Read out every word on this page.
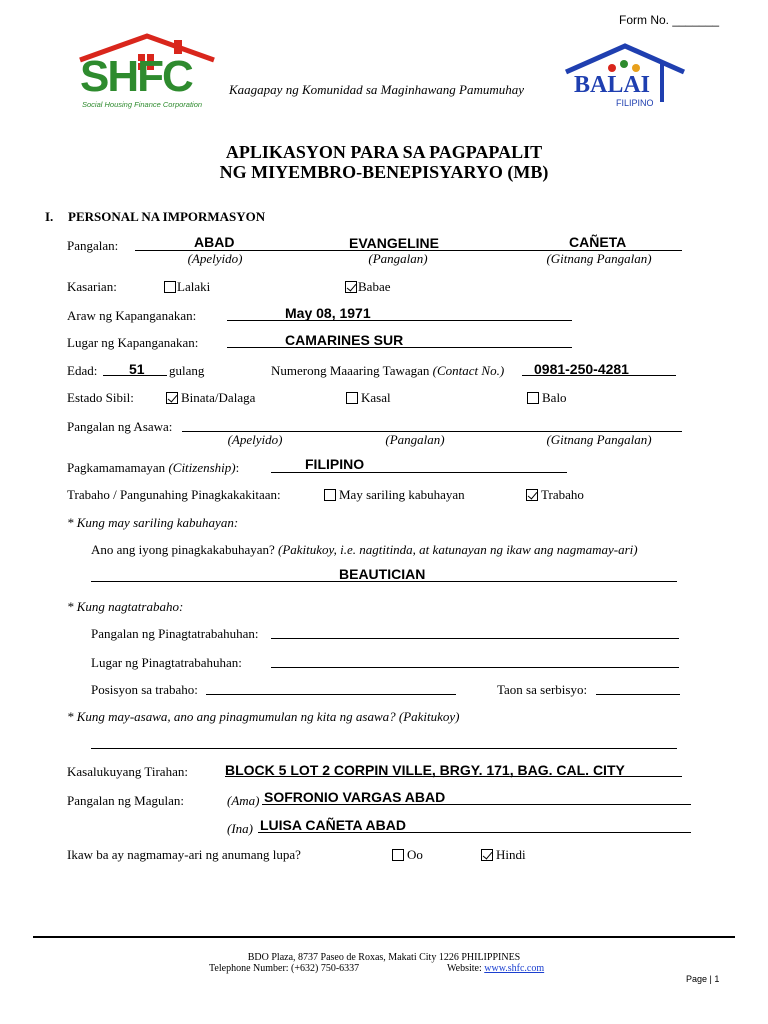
Form No. _______
SHFC
Social Housing Finance Corporation
Kaagapay ng Komunidad sa Maginhawang Pamumuhay BALAI
FILIPINO
APLIKASYON PARA SA PAGPAPALIT
NG MIYEMBRO-BENEPISYARYO (MB)
I. PERSONAL NA IMPORMASYON
Pangalan:	ABAD	EVANGELINE	CAÑETA
(Apelyido)	(Pangalan)	(Gitnang Pangalan)
Kasarian:	Lalaki	Babae
Araw ng Kapanganakan:	May 08, 1971
Lugar ng Kapanganakan:	CAMARINES SUR
Edad: 51 gulang	Numerong Maaaring Tawagan (Contact No.) 0981-250-4281
Estado Sibil:	Binata/Dalaga	Kasal	Balo
Pangalan ng Asawa:
(Apelyido)	(Pangalan)	(Gitnang Pangalan)
Pagkamamamayan (Citizenship):	FILIPINO
Trabaho / Pangunahing Pinagkakakitaan:	May sariling kabuhayan	Trabaho
* Kung may sariling kabuhayan:
Ano ang iyong pinagkakabuhayan? (Pakitukoy, i.e. nagtitinda, at katunayan ng ikaw ang nagmamay-ari)
BEAUTICIAN
* Kung nagtatrabaho:
Pangalan ng Pinagtatrabahuhan:
Lugar ng Pinagtatrabahuhan:
Posisyon sa trabaho:	Taon sa serbisyo:
* Kung may-asawa, ano ang pinagmumulan ng kita ng asawa? (Pakitukoy)
Kasalukuyang Tirahan:	BLOCK 5 LOT 2 CORPIN VILLE, BRGY. 171, BAG. CAL. CITY
Pangalan ng Magulan:	(Ama) SOFRONIO VARGAS ABAD
(Ina) LUISA CAÑETA ABAD
Ikaw ba ay nagmamay-ari ng anumang lupa?	Oo	Hindi
BDO Plaza, 8737 Paseo de Roxas, Makati City 1226 PHILIPPINES
Telephone Number: (+632) 750-6337	Website: www.shfc.com
Page | 1
